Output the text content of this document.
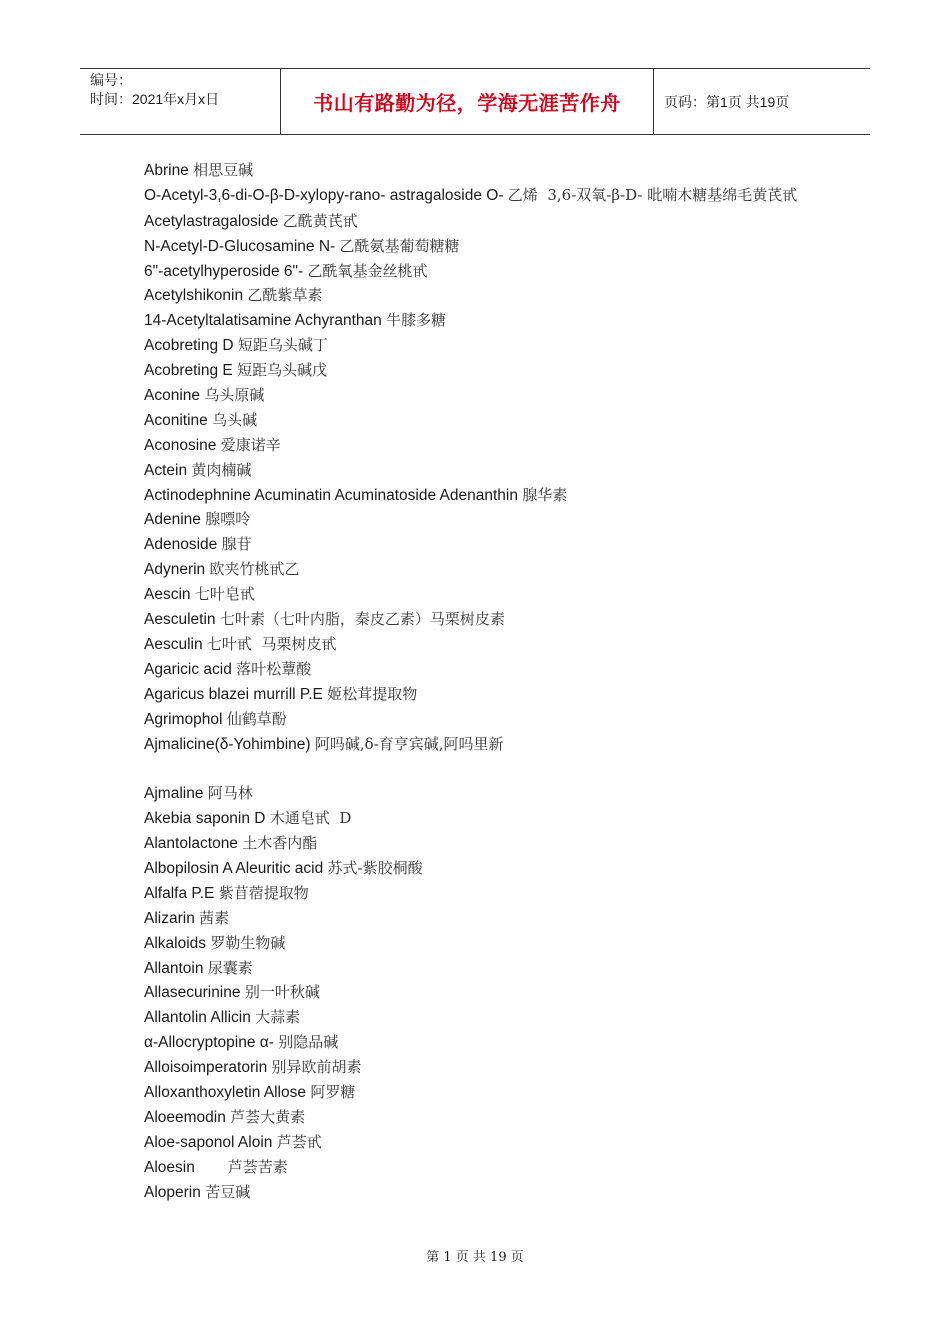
编号：
时间：2021年x月x日	书山有路勤为径，学海无涯苦作舟	页码：第1页 共19页
Abrine 相思豆碱
O-Acetyl-3,6-di-O-β-D-xylopy-rano- astragaloside O- 乙烯  3,6-双氧-β-D- 吡喃木糖基绵毛黄芪甙
Acetylastragaloside 乙酰黄芪甙
N-Acetyl-D-Glucosamine N- 乙酰氨基葡萄糖糖
6"-acetylhyperoside 6"- 乙酰氧基金丝桃甙
Acetylshikonin 乙酰紫草素
14-Acetyltalatisamine Achyranthan 牛膝多糖
Acobreting D 短距乌头碱丁
Acobreting E 短距乌头碱戊
Aconine 乌头原碱
Aconitine 乌头碱
Aconosine 爱康诺辛
Actein 黄肉楠碱
Actinodephnine Acuminatin Acuminatoside Adenanthin 腺华素
Adenine 腺嘌呤
Adenoside 腺苷
Adynerin 欧夹竹桃甙乙
Aescin 七叶皂甙
Aesculetin 七叶素（七叶内脂，秦皮乙素）马栗树皮素
Aesculin 七叶甙  马栗树皮甙
Agaricic acid 落叶松蕈酸
Agaricus blazei murrill P.E 姬松茸提取物
Agrimophol 仙鹤草酚
Ajmalicine(δ-Yohimbine) 阿吗碱,δ-育亨宾碱,阿吗里新
Ajmaline 阿马林
Akebia saponin D 木通皂甙  D
Alantolactone 土木香内酯
Albopilosin A Aleuritic acid 苏式-紫胶桐酸
Alfalfa P.E 紫苜蓿提取物
Alizarin 茜素
Alkaloids 罗勒生物碱
Allantoin 尿囊素
Allasecurinine 别一叶秋碱
Allantolin Allicin 大蒜素
α-Allocryptopine α- 别隐品碱
Alloisoimperatorin 别异欧前胡素
Alloxanthoxyletin Allose 阿罗糖
Aloeemodin 芦荟大黄素
Aloe-saponol Aloin 芦荟甙
Aloesin       芦荟苦素
Aloperin 苦豆碱
第 1 页 共 19 页
